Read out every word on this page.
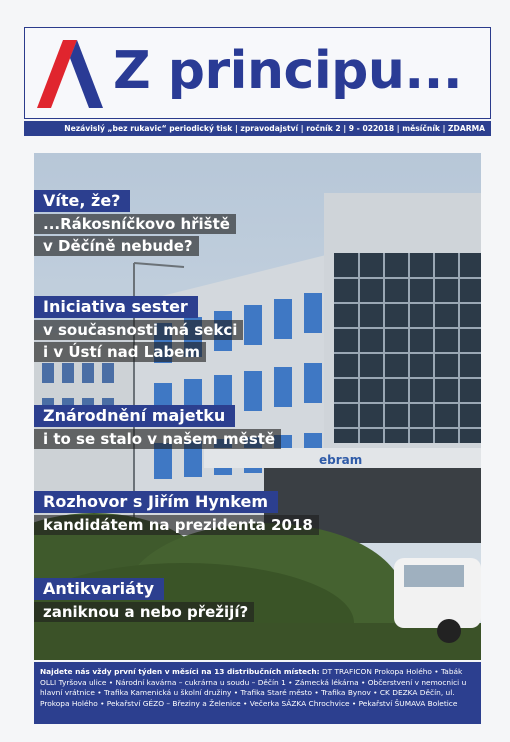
Z principu...
Nezávislý „bez rukavic“ periodický tisk | zpravodajství | ročník 2 | 9 - 022018 | měsíčník | ZDARMA
ebram
Víte, že?
...Rákosníčkovo hřiště
v Děčíně nebude?
Iniciativa sester
v současnosti má sekci
i v Ústí nad Labem
Znárodnění majetku
i to se stalo v našem městě
Rozhovor s Jiřím Hynkem
kandidátem na prezidenta 2018
Antikvariáty
zaniknou a nebo přežijí?
Najdete nás vždy první týden v měsíci na 13 distribučních místech: DT TRAFICON Prokopa Holého • Tabák OLLI Tyršova ulice • Národní kavárna – cukrárna u soudu – Děčín 1 • Zámecká lékárna • Občerstvení v nemocnici u hlavní vrátnice • Trafika Kamenická u školní družiny • Trafika Staré město • Trafika Bynov • CK DEZKA Děčín, ul. Prokopa Holého • Pekařství GÉZO – Březiny a Želenice • Večerka SÁZKA Chrochvice • Pekařství ŠUMAVA Boletice
